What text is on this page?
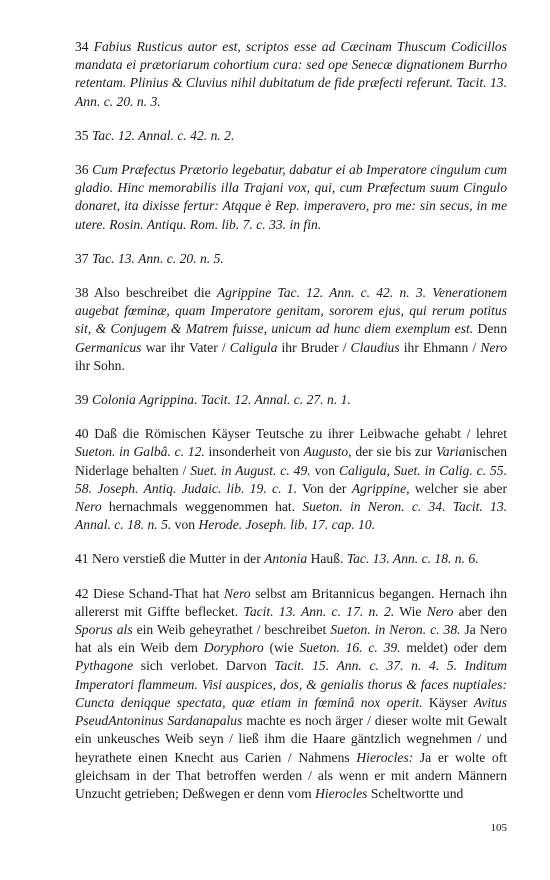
34 Fabius Rusticus autor est, scriptos esse ad Cæcinam Thuscum Codicillos mandata ei prætoriarum cohortium cura: sed ope Senecæ dignationem Burrho retentam. Plinius & Cluvius nihil dubitatum de fide præfecti referunt. Tacit. 13. Ann. c. 20. n. 3.

35 Tac. 12. Annal. c. 42. n. 2.

36 Cum Præfectus Prætorio legebatur, dabatur ei ab Imperatore cingulum cum gladio. Hinc memorabilis illa Trajani vox, qui, cum Præfectum suum Cingulo donaret, ita dixisse fertur: Atqque è Rep. imperavero, pro me: sin secus, in me utere. Rosin. Antiqu. Rom. lib. 7. c. 33. in fin.

37 Tac. 13. Ann. c. 20. n. 5.

38 Also beschreibet die Agrippine Tac. 12. Ann. c. 42. n. 3. Venerationem augebat fœminæ, quam Imperatore genitam, sororem ejus, qui rerum potitus sit, & Conjugem & Matrem fuisse, unicum ad hunc diem exemplum est. Denn Germanicus war ihr Vater / Caligula ihr Bruder / Claudius ihr Ehmann / Nero ihr Sohn.

39 Colonia Agrippina. Tacit. 12. Annal. c. 27. n. 1.

40 Daß die Römischen Käyser Teutsche zu ihrer Leibwache gehabt / lehret Sueton. in Galbâ. c. 12. insonderheit von Augusto, der sie bis zur Varianischen Niderlage behalten / Suet. in August. c. 49. von Caligula, Suet. in Calig. c. 55. 58. Joseph. Antiq. Judaic. lib. 19. c. 1. Von der Agrippine, welcher sie aber Nero hernachmals weggenommen hat. Sueton. in Neron. c. 34. Tacit. 13. Annal. c. 18. n. 5. von Herode. Joseph. lib. 17. cap. 10.

41 Nero verstieß die Mutter in der Antonia Hauß. Tac. 13. Ann. c. 18. n. 6.

42 Diese Schand-That hat Nero selbst am Britannicus begangen. Hernach ihn allererst mit Giffte beflecket. Tacit. 13. Ann. c. 17. n. 2. Wie Nero aber den Sporus als ein Weib geheyrathet / beschreibet Sueton. in Neron. c. 38. Ja Nero hat als ein Weib dem Doryphoro (wie Sueton. 16. c. 39. meldet) oder dem Pythagone sich verlobet. Darvon Tacit. 15. Ann. c. 37. n. 4. 5. Inditum Imperatori flammeum. Visi auspices, dos, & genialis thorus & faces nuptiales: Cuncta deniqque spectata, quæ etiam in fœminâ nox operit. Käyser Avitus PseudAntoninus Sardanapalus machte es noch ärger / dieser wolte mit Gewalt ein unkeusches Weib seyn / ließ ihm die Haare gäntzlich wegnehmen / und heyrathete einen Knecht aus Carien / Nahmens Hierocles: Ja er wolte oft gleichsam in der That betroffen werden / als wenn er mit andern Männern Unzucht getrieben; Deßwegen er denn vom Hierocles Scheltwortte und

105
